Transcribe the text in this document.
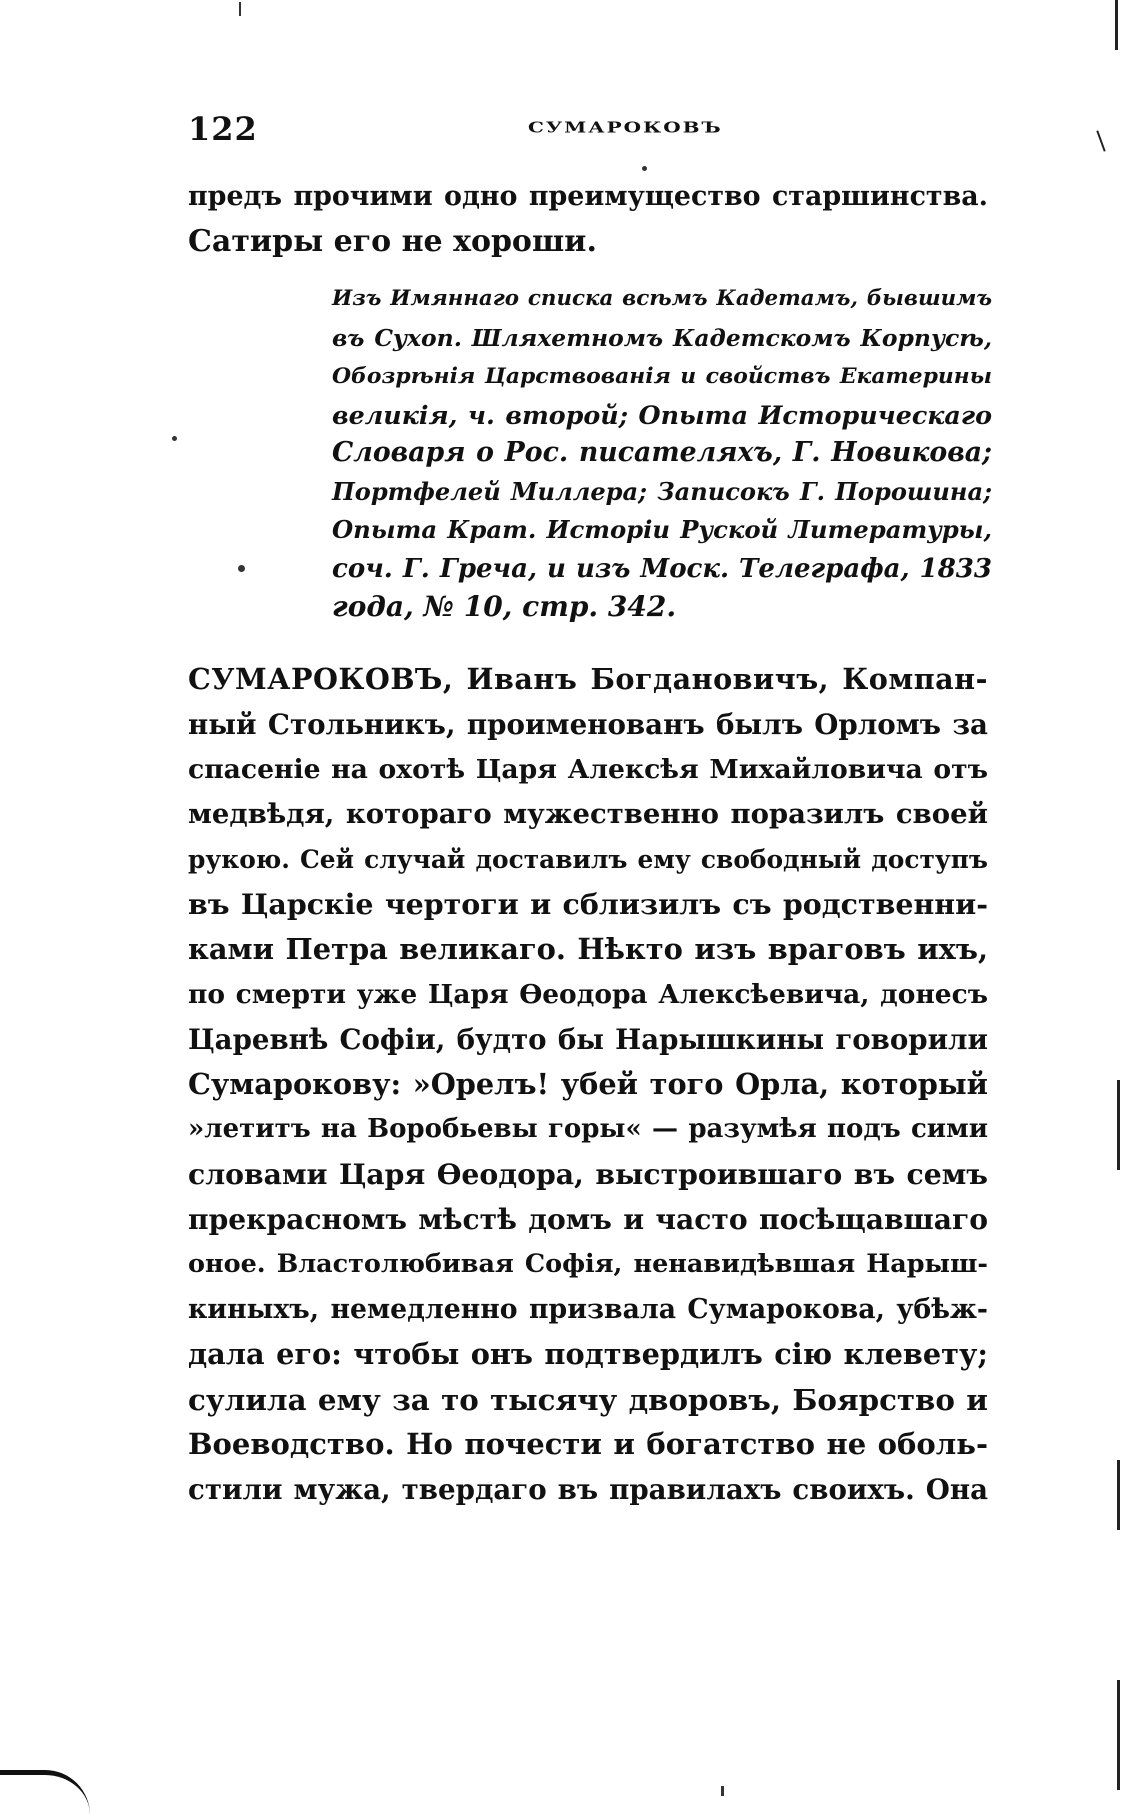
122	СУМАРОКОВЪ
предъ прочими одно преимущество старшинства.
Сатиры его не хороши.
Изъ Имяннаго списка всѣмъ Кадетамъ, бывшимъ
въ Сухоп. Шляхетномъ Кадетскомъ Корпусѣ,
Обозрѣнія Царствованія и свойствъ Екатерины
великія, ч. второй; Опыта Историческаго
Словаря о Рос. писателяхъ, Г. Новикова;
Портфелей Миллера; Записокъ Г. Порошина;
Опыта Крат. Исторіи Руской Литературы,
соч. Г. Греча, и изъ Моск. Телеграфа, 1833
года, № 10, стр. 342.
СУМАРОКОВЪ, Иванъ Богдановичъ, Компан-
ный Стольникъ, проименованъ былъ Орломъ за
спасеніе на охотѣ Царя Алексѣя Михайловича отъ
медвѣдя, котораго мужественно поразилъ своей
рукою. Сей случай доставилъ ему свободный доступъ
въ Царскіе чертоги и сблизилъ съ родственни-
ками Петра великаго. Нѣкто изъ враговъ ихъ,
по смерти уже Царя Ѳеодора Алексѣевича, донесъ
Царевнѣ Софіи, будто бы Нарышкины говорили
Сумарокову: »Орелъ! убей того Орла, который
»летитъ на Воробьевы горы« — разумѣя подъ сими
словами Царя Ѳеодора, выстроившаго въ семъ
прекрасномъ мѣстѣ домъ и часто посѣщавшаго
оное. Властолюбивая Софія, ненавидѣвшая Нарыш-
киныхъ, немедленно призвала Сумарокова, убѣж-
дала его: чтобы онъ подтвердилъ сію клевету;
сулила ему за то тысячу дворовъ, Боярство и
Воеводство. Но почести и богатство не оболь-
стили мужа, твердаго въ правилахъ своихъ. Она
